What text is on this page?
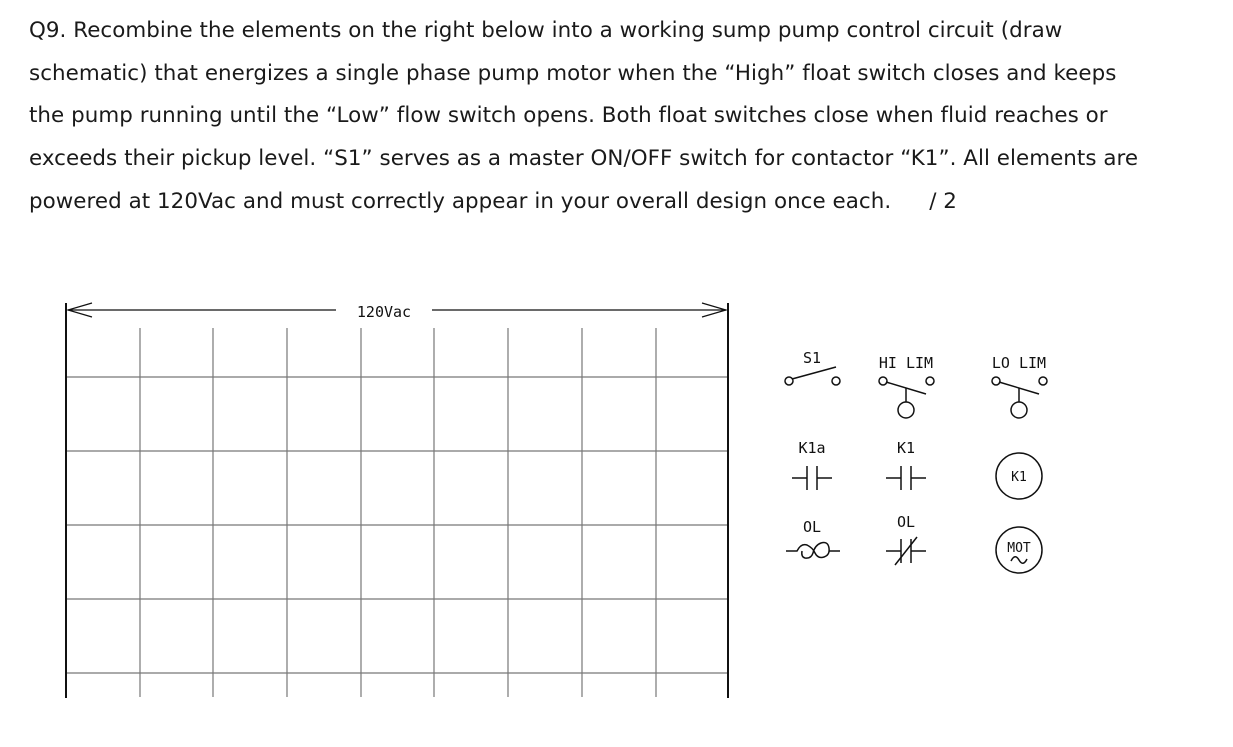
Q9. Recombine the elements on the right below into a working sump pump control circuit (draw

schematic) that energizes a single phase pump motor when the “High” float switch closes and keeps

the pump running until the “Low” flow switch opens. Both float switches close when fluid reaches or

exceeds their pickup level. “S1” serves as a master ON/OFF switch for contactor “K1”. All elements are

powered at 120Vac and must correctly appear in your overall design once each. / 2

120Vac
S1	HI LIM	LO LIM
K1a	K1
K1
OL	OL
MOT
